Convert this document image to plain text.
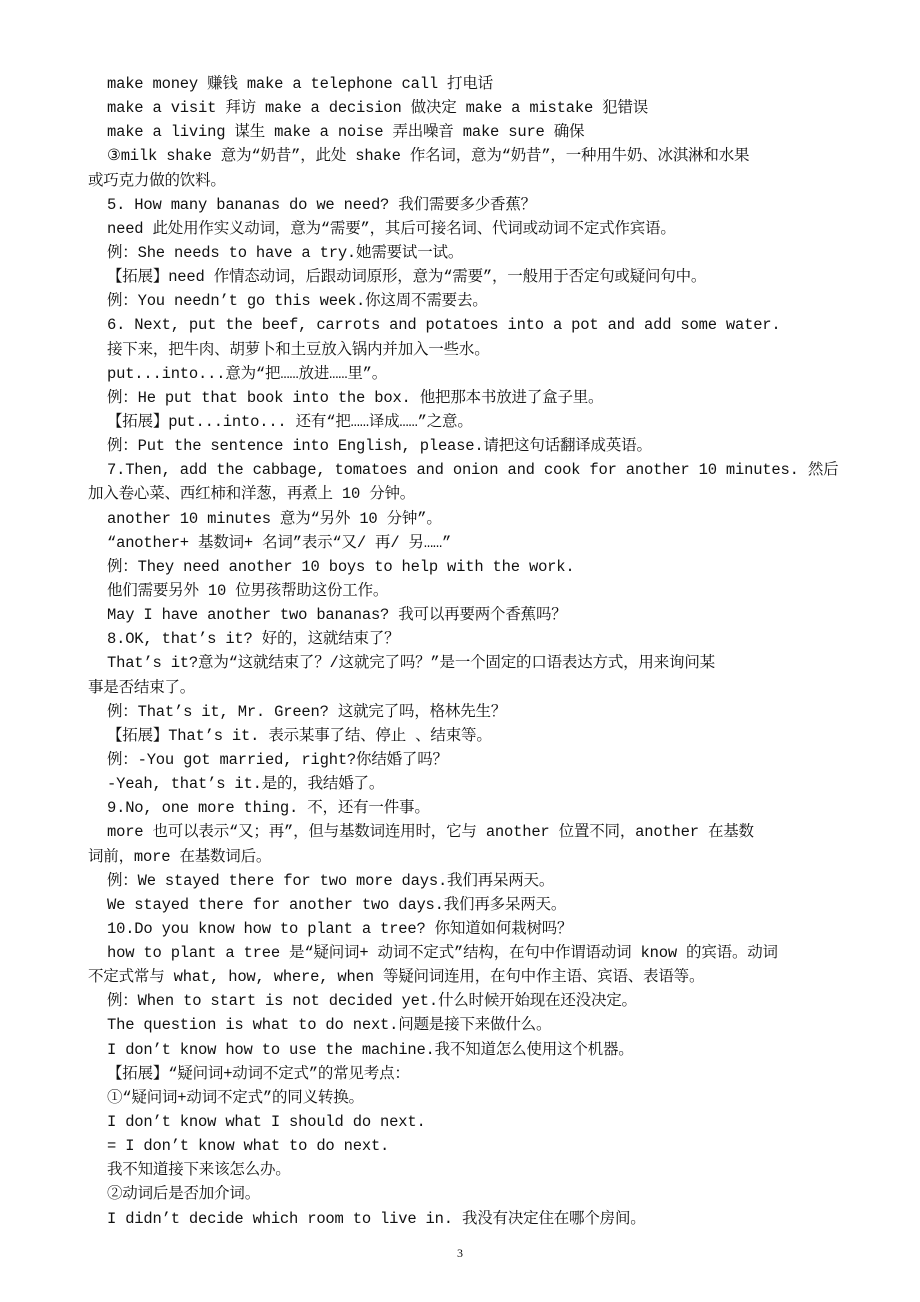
make money 赚钱 make a telephone call 打电话
make a visit 拜访 make a decision 做决定 make a mistake 犯错误
make a living 谋生 make a noise 弄出噪音 make sure 确保
③milk shake 意为“奶昔”，此处 shake 作名词，意为“奶昔”，一种用牛奶、冰淇淋和水果
或巧克力做的饮料。
5. How many bananas do we need? 我们需要多少香蕉？
need 此处用作实义动词，意为“需要”，其后可接名词、代词或动词不定式作宾语。
例：She needs to have a try.她需要试一试。
【拓展】need 作情态动词，后跟动词原形，意为“需要”，一般用于否定句或疑问句中。
例：You needn’t go this week.你这周不需要去。
6. Next, put the beef, carrots and potatoes into a pot and add some water.
接下来，把牛肉、胡萝卜和土豆放入锅内并加入一些水。
put...into...意为“把……放进……里”。
例：He put that book into the box. 他把那本书放进了盒子里。
【拓展】put...into... 还有“把……译成……”之意。
例：Put the sentence into English, please.请把这句话翻译成英语。
7.Then, add the cabbage, tomatoes and onion and cook for another 10 minutes. 然后
加入卷心菜、西红柿和洋葱，再煮上 10 分钟。
another 10 minutes 意为“另外 10 分钟”。
“another+ 基数词+ 名词”表示“又/ 再/ 另……”
例：They need another 10 boys to help with the work.
他们需要另外 10 位男孩帮助这份工作。
May I have another two bananas? 我可以再要两个香蕉吗？
8.OK, that’s it? 好的，这就结束了？
That’s it?意为“这就结束了？/这就完了吗？”是一个固定的口语表达方式，用来询问某
事是否结束了。
例：That’s it, Mr. Green? 这就完了吗，格林先生？
【拓展】That’s it. 表示某事了结、停止 、结束等。
例：-You got married, right?你结婚了吗？
-Yeah, that’s it.是的，我结婚了。
9.No, one more thing. 不，还有一件事。
more 也可以表示“又；再”，但与基数词连用时，它与 another 位置不同，another 在基数
词前，more 在基数词后。
例：We stayed there for two more days.我们再呆两天。
We stayed there for another two days.我们再多呆两天。
10.Do you know how to plant a tree? 你知道如何栽树吗？
how to plant a tree 是“疑问词+ 动词不定式”结构，在句中作谓语动词 know 的宾语。动词
不定式常与 what, how, where, when 等疑问词连用，在句中作主语、宾语、表语等。
例：When to start is not decided yet.什么时候开始现在还没决定。
The question is what to do next.问题是接下来做什么。
I don’t know how to use the machine.我不知道怎么使用这个机器。
【拓展】“疑问词+动词不定式”的常见考点：
①“疑问词+动词不定式”的同义转换。
I don’t know what I should do next.
= I don’t know what to do next.
我不知道接下来该怎么办。
②动词后是否加介词。
I didn’t decide which room to live in. 我没有决定住在哪个房间。
3
